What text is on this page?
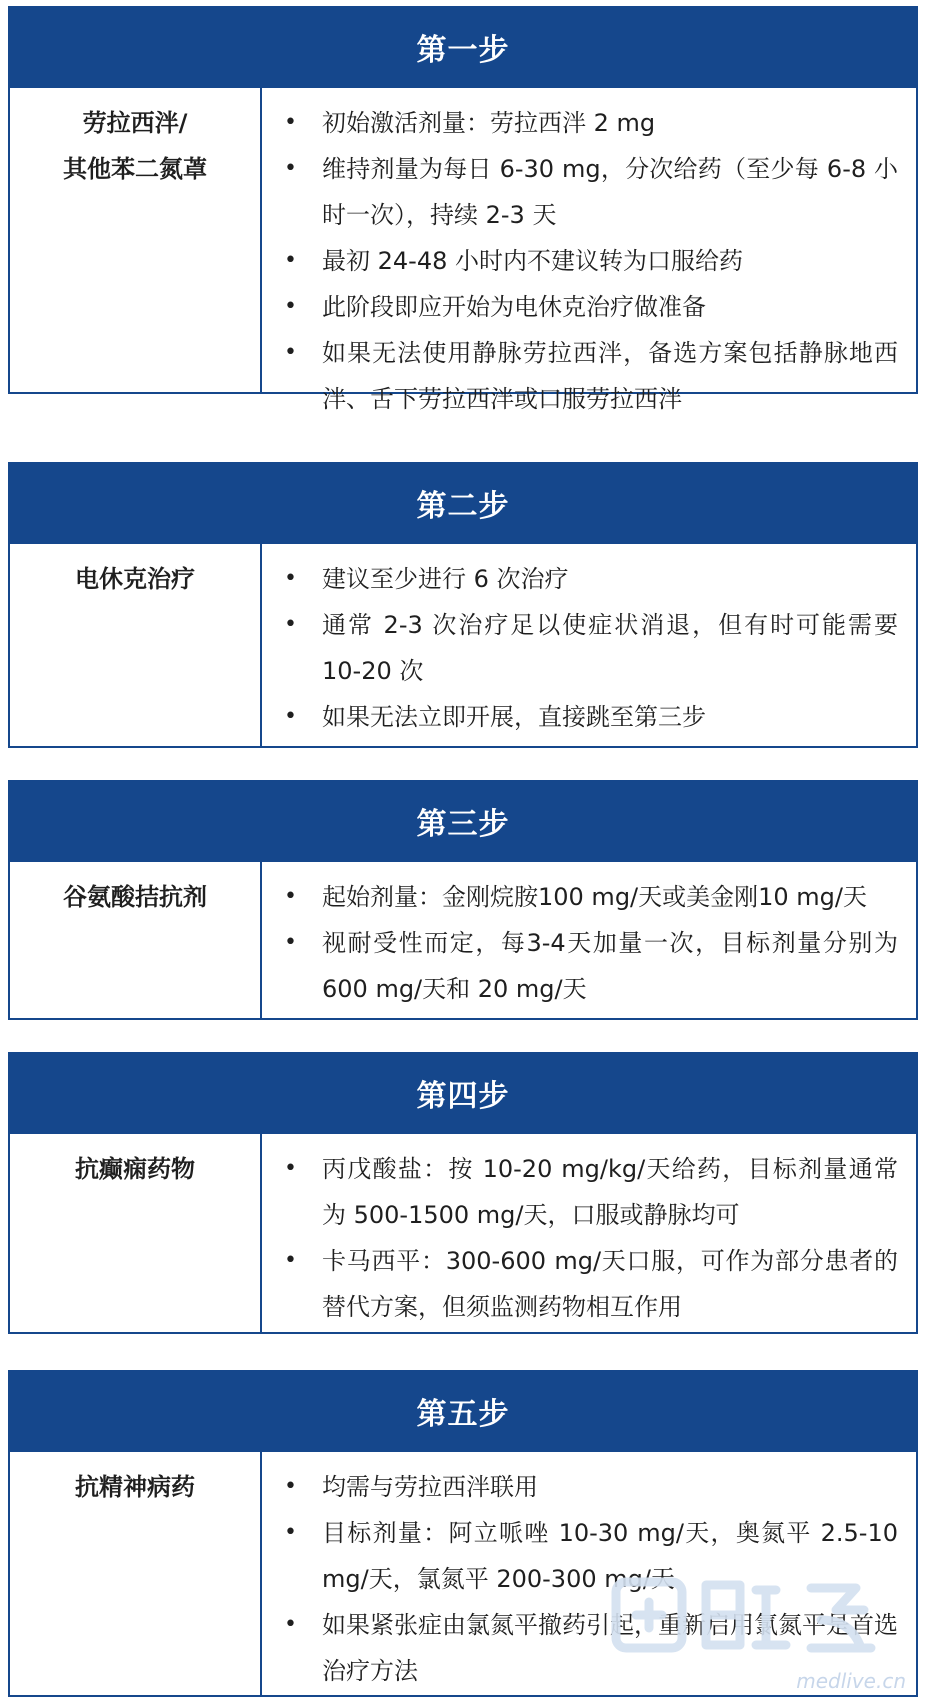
第一步
劳拉西泮/
其他苯二氮䓬
• 初始激活剂量：劳拉西泮 2 mg
• 维持剂量为每日 6-30 mg，分次给药（至少每 6-8 小时一次），持续 2-3 天
• 最初 24-48 小时内不建议转为口服给药
• 此阶段即应开始为电休克治疗做准备
• 如果无法使用静脉劳拉西泮，备选方案包括静脉地西泮、舌下劳拉西泮或口服劳拉西泮
第二步
电休克治疗	• 建议至少进行 6 次治疗
• 通常 2-3 次治疗足以使症状消退，但有时可能需要 10-20 次
• 如果无法立即开展，直接跳至第三步
第三步
谷氨酸拮抗剂	• 起始剂量：金刚烷胺100 mg/天或美金刚10 mg/天
• 视耐受性而定，每3-4天加量一次，目标剂量分别为 600 mg/天和 20 mg/天
第四步
抗癫痫药物	• 丙戊酸盐：按 10-20 mg/kg/天给药，目标剂量通常为 500-1500 mg/天，口服或静脉均可
• 卡马西平：300-600 mg/天口服，可作为部分患者的替代方案，但须监测药物相互作用
第五步
抗精神病药	• 均需与劳拉西泮联用
• 目标剂量：阿立哌唑 10-30 mg/天，奥氮平 2.5-10 mg/天，氯氮平 200-300 mg/天
• 如果紧张症由氯氮平撤药引起，重新启用氯氮平是首选治疗方法	medlive.cn
